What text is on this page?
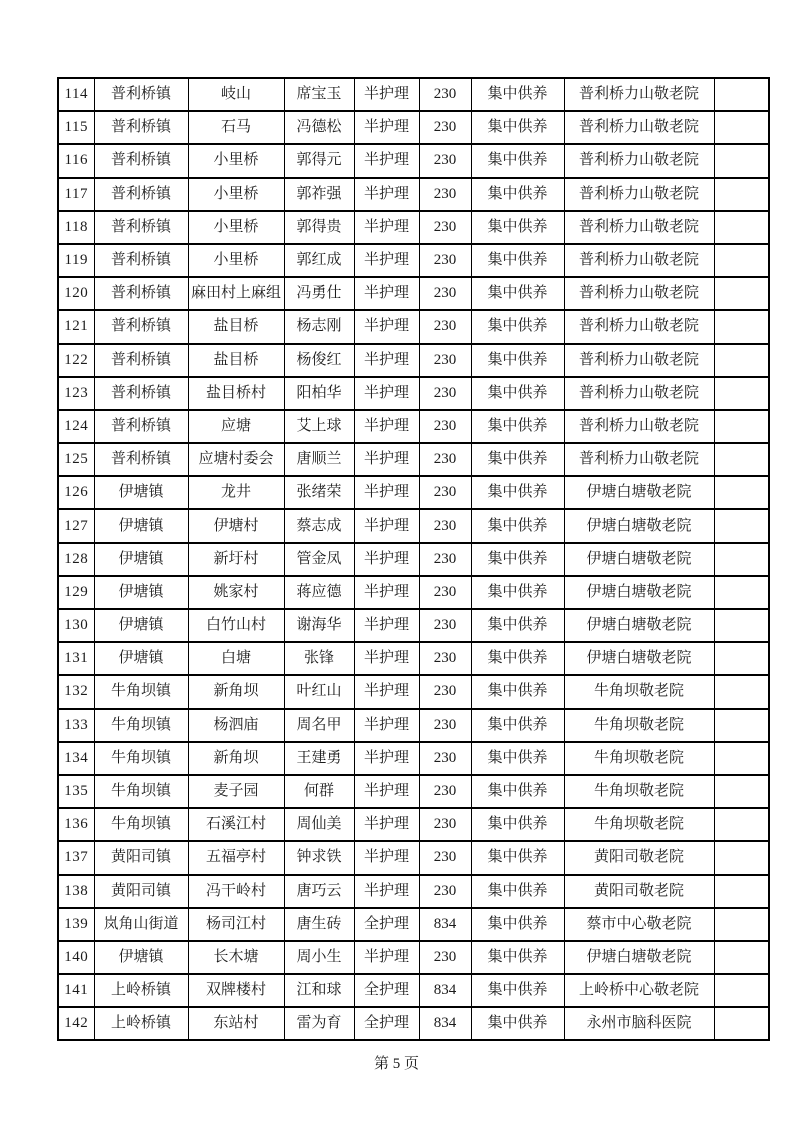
114	普利桥镇	岐山	席宝玉	半护理	230	集中供养	普利桥力山敬老院	
115	普利桥镇	石马	冯德松	半护理	230	集中供养	普利桥力山敬老院	
116	普利桥镇	小里桥	郭得元	半护理	230	集中供养	普利桥力山敬老院	
117	普利桥镇	小里桥	郭祚强	半护理	230	集中供养	普利桥力山敬老院	
118	普利桥镇	小里桥	郭得贵	半护理	230	集中供养	普利桥力山敬老院	
119	普利桥镇	小里桥	郭红成	半护理	230	集中供养	普利桥力山敬老院	
120	普利桥镇	麻田村上麻组	冯勇仕	半护理	230	集中供养	普利桥力山敬老院	
121	普利桥镇	盐目桥	杨志刚	半护理	230	集中供养	普利桥力山敬老院	
122	普利桥镇	盐目桥	杨俊红	半护理	230	集中供养	普利桥力山敬老院	
123	普利桥镇	盐目桥村	阳柏华	半护理	230	集中供养	普利桥力山敬老院	
124	普利桥镇	应塘	艾上球	半护理	230	集中供养	普利桥力山敬老院	
125	普利桥镇	应塘村委会	唐顺兰	半护理	230	集中供养	普利桥力山敬老院	
126	伊塘镇	龙井	张绪荣	半护理	230	集中供养	伊塘白塘敬老院	
127	伊塘镇	伊塘村	蔡志成	半护理	230	集中供养	伊塘白塘敬老院	
128	伊塘镇	新圩村	管金凤	半护理	230	集中供养	伊塘白塘敬老院	
129	伊塘镇	姚家村	蒋应德	半护理	230	集中供养	伊塘白塘敬老院	
130	伊塘镇	白竹山村	谢海华	半护理	230	集中供养	伊塘白塘敬老院	
131	伊塘镇	白塘	张锋	半护理	230	集中供养	伊塘白塘敬老院	
132	牛角坝镇	新角坝	叶红山	半护理	230	集中供养	牛角坝敬老院	
133	牛角坝镇	杨泗庙	周名甲	半护理	230	集中供养	牛角坝敬老院	
134	牛角坝镇	新角坝	王建勇	半护理	230	集中供养	牛角坝敬老院	
135	牛角坝镇	麦子园	何群	半护理	230	集中供养	牛角坝敬老院	
136	牛角坝镇	石溪江村	周仙美	半护理	230	集中供养	牛角坝敬老院	
137	黄阳司镇	五福亭村	钟求铁	半护理	230	集中供养	黄阳司敬老院	
138	黄阳司镇	冯干岭村	唐巧云	半护理	230	集中供养	黄阳司敬老院	
139	岚角山街道	杨司江村	唐生砖	全护理	834	集中供养	蔡市中心敬老院	
140	伊塘镇	长木塘	周小生	半护理	230	集中供养	伊塘白塘敬老院	
141	上岭桥镇	双牌楼村	江和球	全护理	834	集中供养	上岭桥中心敬老院	
142	上岭桥镇	东站村	雷为育	全护理	834	集中供养	永州市脑科医院	
第 5 页
